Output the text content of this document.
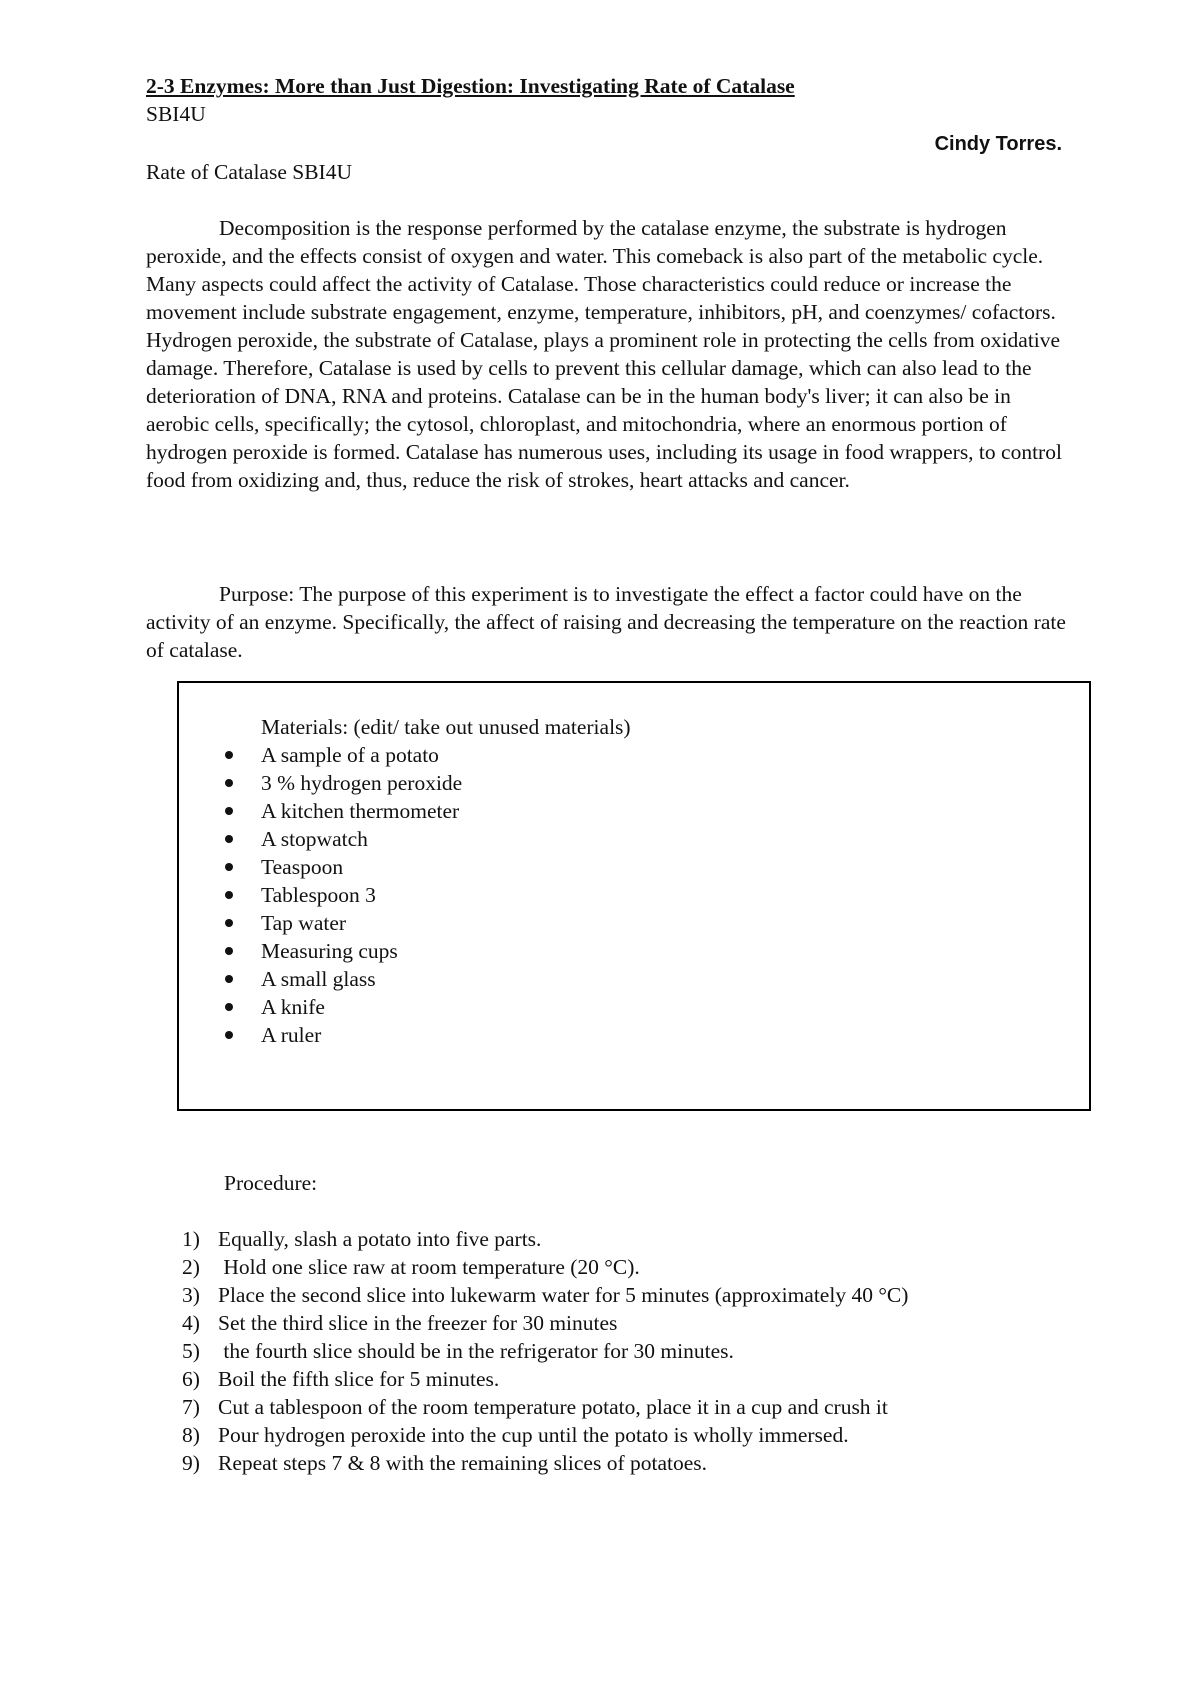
2-3 Enzymes: More than Just Digestion: Investigating Rate of Catalase
SBI4U
Cindy Torres.
Rate of Catalase SBI4U

Decomposition is the response performed by the catalase enzyme, the substrate is hydrogen peroxide, and the effects consist of oxygen and water. This comeback is also part of the metabolic cycle. Many aspects could affect the activity of Catalase. Those characteristics could reduce or increase the movement include substrate engagement, enzyme, temperature, inhibitors, pH, and coenzymes/ cofactors. Hydrogen peroxide, the substrate of Catalase, plays a prominent role in protecting the cells from oxidative damage. Therefore, Catalase is used by cells to prevent this cellular damage, which can also lead to the deterioration of DNA, RNA and proteins. Catalase can be in the human body's liver; it can also be in aerobic cells, specifically; the cytosol, chloroplast, and mitochondria, where an enormous portion of hydrogen peroxide is formed. Catalase has numerous uses, including its usage in food wrappers, to control food from oxidizing and, thus, reduce the risk of strokes, heart attacks and cancer.

Purpose: The purpose of this experiment is to investigate the effect a factor could have on the activity of an enzyme. Specifically, the affect of raising and decreasing the temperature on the reaction rate of catalase.

Materials: (edit/ take out unused materials)
A sample of a potato
3 % hydrogen peroxide
A kitchen thermometer
A stopwatch
Teaspoon
Tablespoon 3
Tap water
Measuring cups
A small glass
A knife
A ruler
Procedure:
1) Equally, slash a potato into five parts.
2) Hold one slice raw at room temperature (20 °C).
3) Place the second slice into lukewarm water for 5 minutes (approximately 40 °C)
4) Set the third slice in the freezer for 30 minutes
5) the fourth slice should be in the refrigerator for 30 minutes.
6) Boil the fifth slice for 5 minutes.
7) Cut a tablespoon of the room temperature potato, place it in a cup and crush it
8) Pour hydrogen peroxide into the cup until the potato is wholly immersed.
9) Repeat steps 7 & 8 with the remaining slices of potatoes.
